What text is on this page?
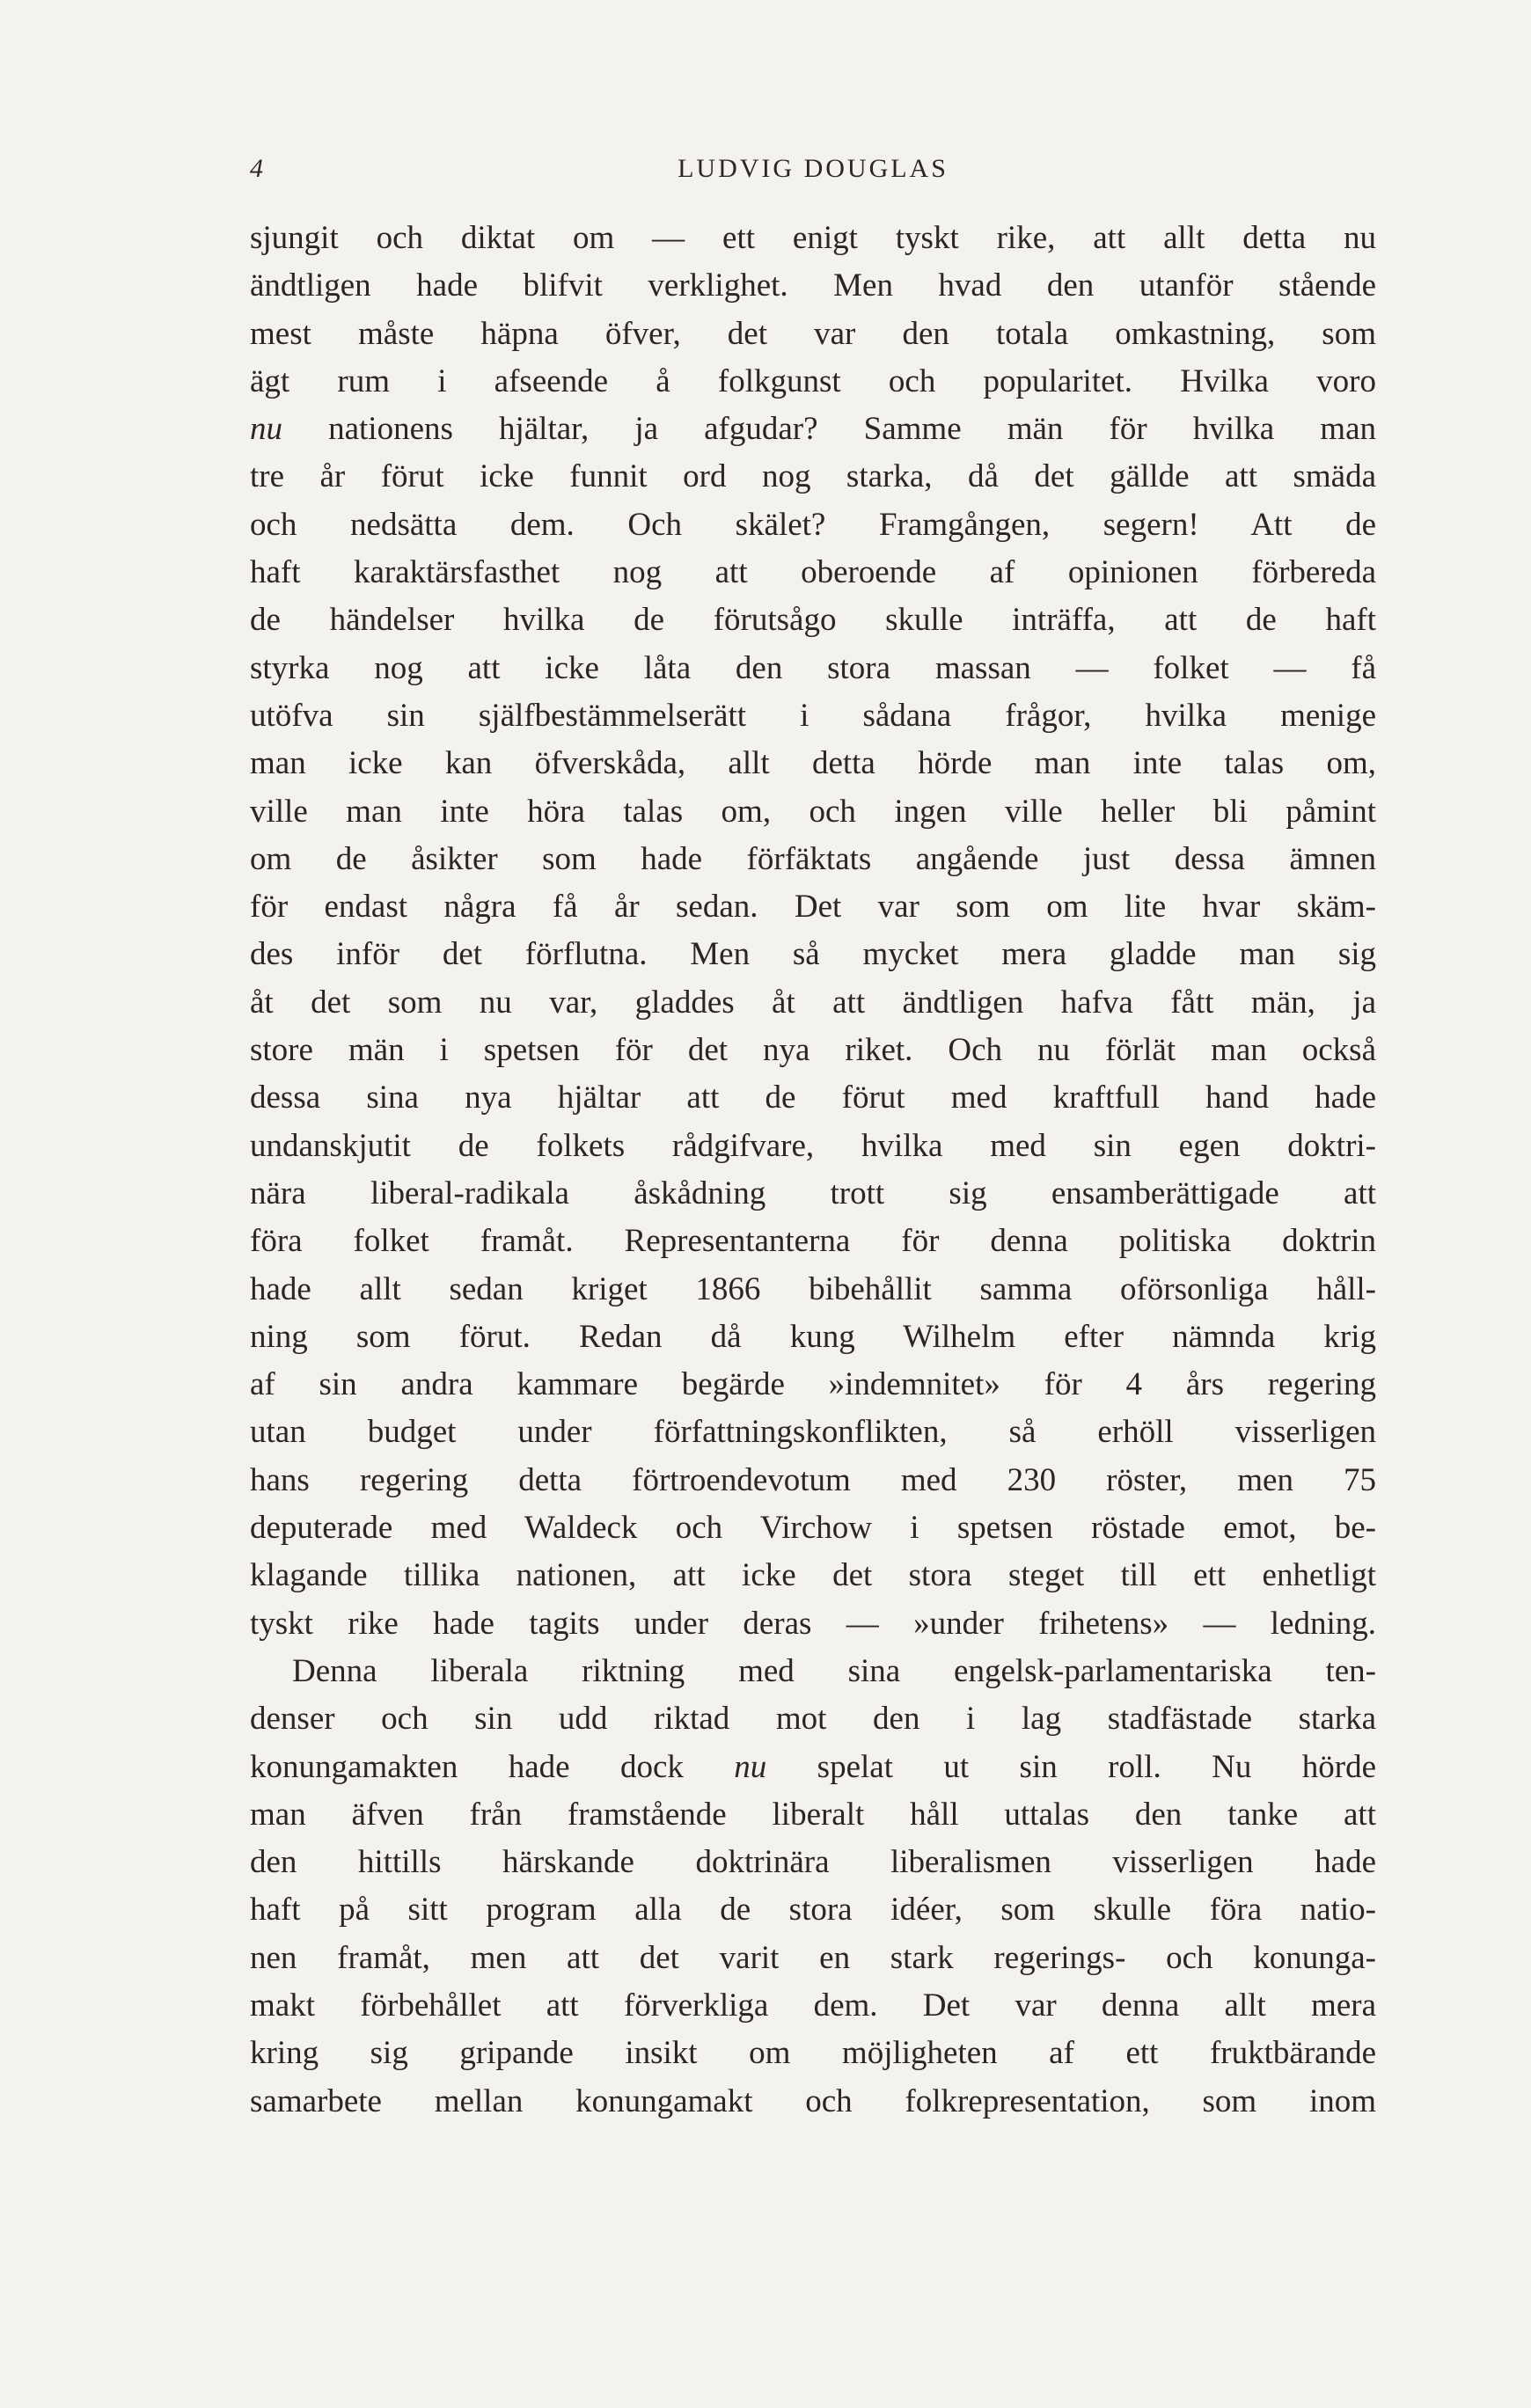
4	LUDVIG DOUGLAS
sjungit och diktat om — ett enigt tyskt rike, att allt detta nu
ändtligen hade blifvit verklighet. Men hvad den utanför stående
mest måste häpna öfver, det var den totala omkastning, som
ägt rum i afseende å folkgunst och popularitet. Hvilka voro
nu nationens hjältar, ja afgudar? Samme män för hvilka man
tre år förut icke funnit ord nog starka, då det gällde att smäda
och nedsätta dem. Och skälet? Framgången, segern! Att de
haft karaktärsfasthet nog att oberoende af opinionen förbereda
de händelser hvilka de förutsågo skulle inträffa, att de haft
styrka nog att icke låta den stora massan — folket — få
utöfva sin själfbestämmelserätt i sådana frågor, hvilka menige
man icke kan öfverskåda, allt detta hörde man inte talas om,
ville man inte höra talas om, och ingen ville heller bli påmint
om de åsikter som hade förfäktats angående just dessa ämnen
för endast några få år sedan. Det var som om lite hvar skäm-
des inför det förflutna. Men så mycket mera gladde man sig
åt det som nu var, gladdes åt att ändtligen hafva fått män, ja
store män i spetsen för det nya riket. Och nu förlät man också
dessa sina nya hjältar att de förut med kraftfull hand hade
undanskjutit de folkets rådgifvare, hvilka med sin egen doktri-
nära liberal-radikala åskådning trott sig ensamberättigade att
föra folket framåt. Representanterna för denna politiska doktrin
hade allt sedan kriget 1866 bibehållit samma oförsonliga håll-
ning som förut. Redan då kung Wilhelm efter nämnda krig
af sin andra kammare begärde »indemnitet» för 4 års regering
utan budget under författningskonflikten, så erhöll visserligen
hans regering detta förtroendevotum med 230 röster, men 75
deputerade med Waldeck och Virchow i spetsen röstade emot, be-
klagande tillika nationen, att icke det stora steget till ett enhetligt
tyskt rike hade tagits under deras — »under frihetens» — ledning.
Denna liberala riktning med sina engelsk-parlamentariska ten-
denser och sin udd riktad mot den i lag stadfästade starka
konungamakten hade dock nu spelat ut sin roll. Nu hörde
man äfven från framstående liberalt håll uttalas den tanke att
den hittills härskande doktrinära liberalismen visserligen hade
haft på sitt program alla de stora idéer, som skulle föra natio-
nen framåt, men att det varit en stark regerings- och konunga-
makt förbehållet att förverkliga dem. Det var denna allt mera
kring sig gripande insikt om möjligheten af ett fruktbärande
samarbete mellan konungamakt och folkrepresentation, som inom
